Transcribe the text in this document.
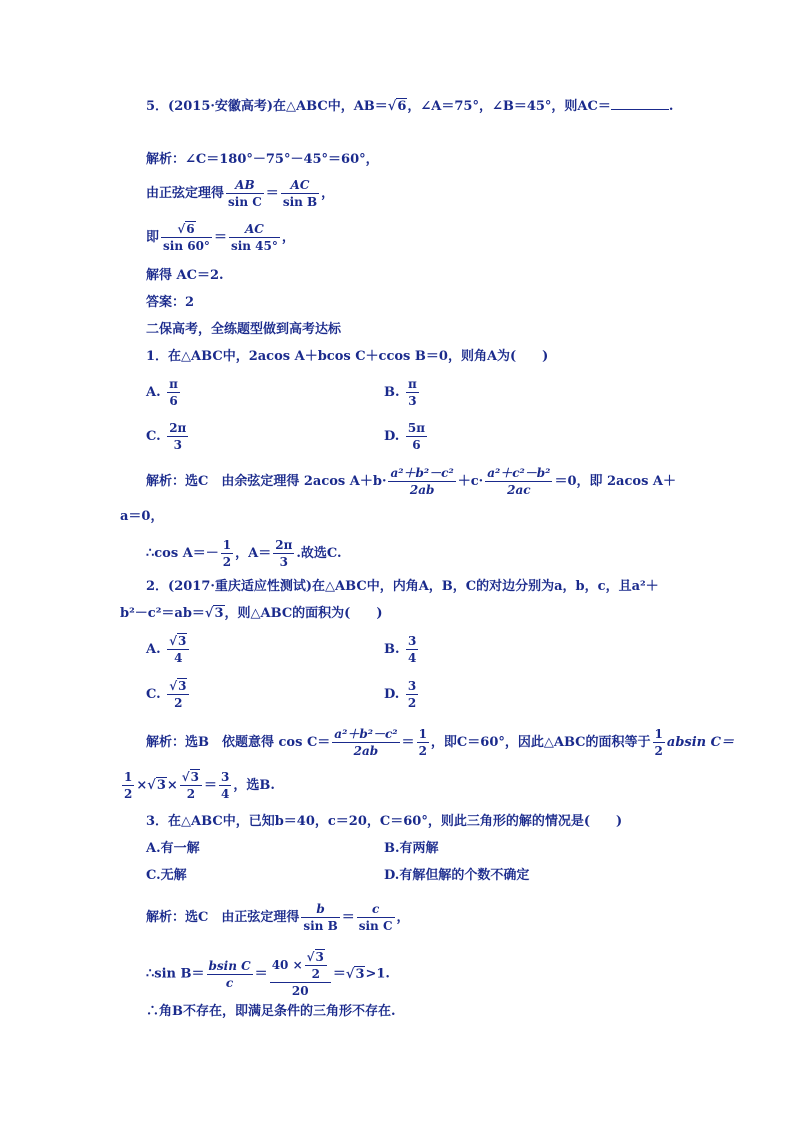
5．(2015·安徽高考)在△ABC中，AB＝√6，∠A＝75°，∠B＝45°，则AC＝	.
解析：∠C＝180°－75°－45°＝60°，
由正弦定理得 $\frac{AB}{\text{sin C}} = \frac{AC}{\text{sin B}}$ ，
即 $\frac{√6}{\sin 60^\circ} = \frac{AC}{\sin 45^\circ}$ ，
解得 AC＝2.
答案：2
二保高考，全练题型做到高考达标
1．在△ABC中，2acos A＋bcos C＋ccos B＝0，则角A为(　　)
A. $\frac{\pi}{6}$	B. $\frac{\pi}{3}$
C. $\frac{2\pi}{3}$	D. $\frac{5\pi}{6}$
解析：选C　由余弦定理得 2acos $A+b\cdot \frac{\text{a²＋b²－c²}}{2ab} +c\cdot \frac{\text{a²＋c²－b²}}{2ac} =0$，即 2acos A＋
a＝0，
∴cos $A=- \frac{1}{2}$ ，$A= \frac{2\pi}{3}$ .故选C.
2．(2017·重庆适应性测试)在△ABC中，内角A，B，C的对边分别为a，b，c，且a²＋
b²－c²＝ab＝√3，则△ABC的面积为(　　)
A. $\frac{√3}{4}$	B. $\frac{3}{4}$
C. $\frac{√3}{2}$	D. $\frac{3}{2}$
解析：选B　依题意得 $\cos C= \frac{\text{a²＋b²－c²}}{2ab} = \frac{1}{2}$ ，即C＝60°，因此△ABC的面积等于 $\frac{1}{2}$ absin C＝
$\frac{1}{2} \times√3\times \frac{√3}{2} = \frac{3}{4}$ ，选B.
3．在△ABC中，已知b＝40，c＝20，C＝60°，则此三角形的解的情况是(　　)
A.有一解	B.有两解
C.无解	D.有解但解的个数不确定
解析：选C　由正弦定理得 $\frac{b}{\text{sin B}} = \frac{c}{\text{sin C}}$ ，
∴sin $B= \frac{\text{bsin C}}{c} = \frac{40 \times \frac{√3}{2}}{20} =√3>1$.
∴角B不存在，即满足条件的三角形不存在.
